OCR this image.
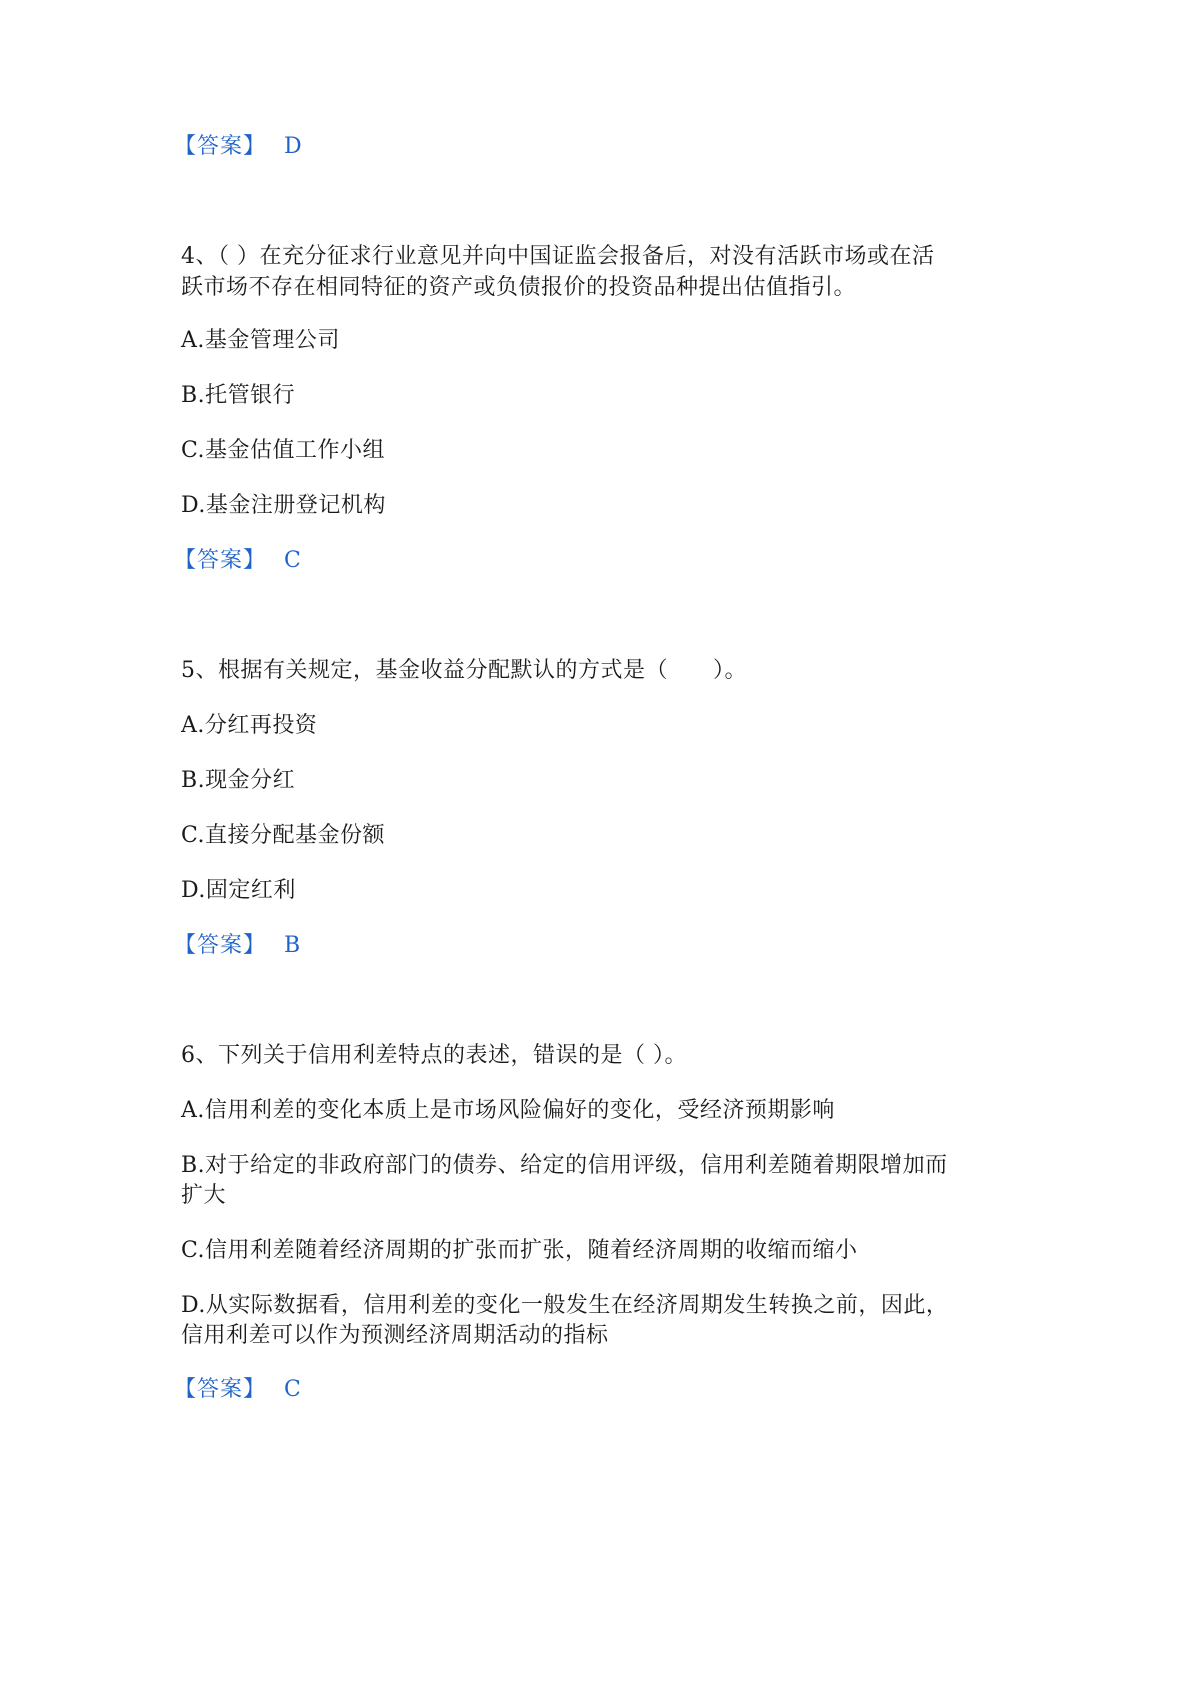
【答案】 D
4、（ ）在充分征求行业意见并向中国证监会报备后，对没有活跃市场或在活
跃市场不存在相同特征的资产或负债报价的投资品种提出估值指引。
A.基金管理公司
B.托管银行
C.基金估值工作小组
D.基金注册登记机构
【答案】 C
5、根据有关规定，基金收益分配默认的方式是（　　）。
A.分红再投资
B.现金分红
C.直接分配基金份额
D.固定红利
【答案】 B
6、下列关于信用利差特点的表述，错误的是（ ）。
A.信用利差的变化本质上是市场风险偏好的变化，受经济预期影响
B.对于给定的非政府部门的债券、给定的信用评级，信用利差随着期限增加而
扩大
C.信用利差随着经济周期的扩张而扩张，随着经济周期的收缩而缩小
D.从实际数据看，信用利差的变化一般发生在经济周期发生转换之前，因此，
信用利差可以作为预测经济周期活动的指标
【答案】 C
